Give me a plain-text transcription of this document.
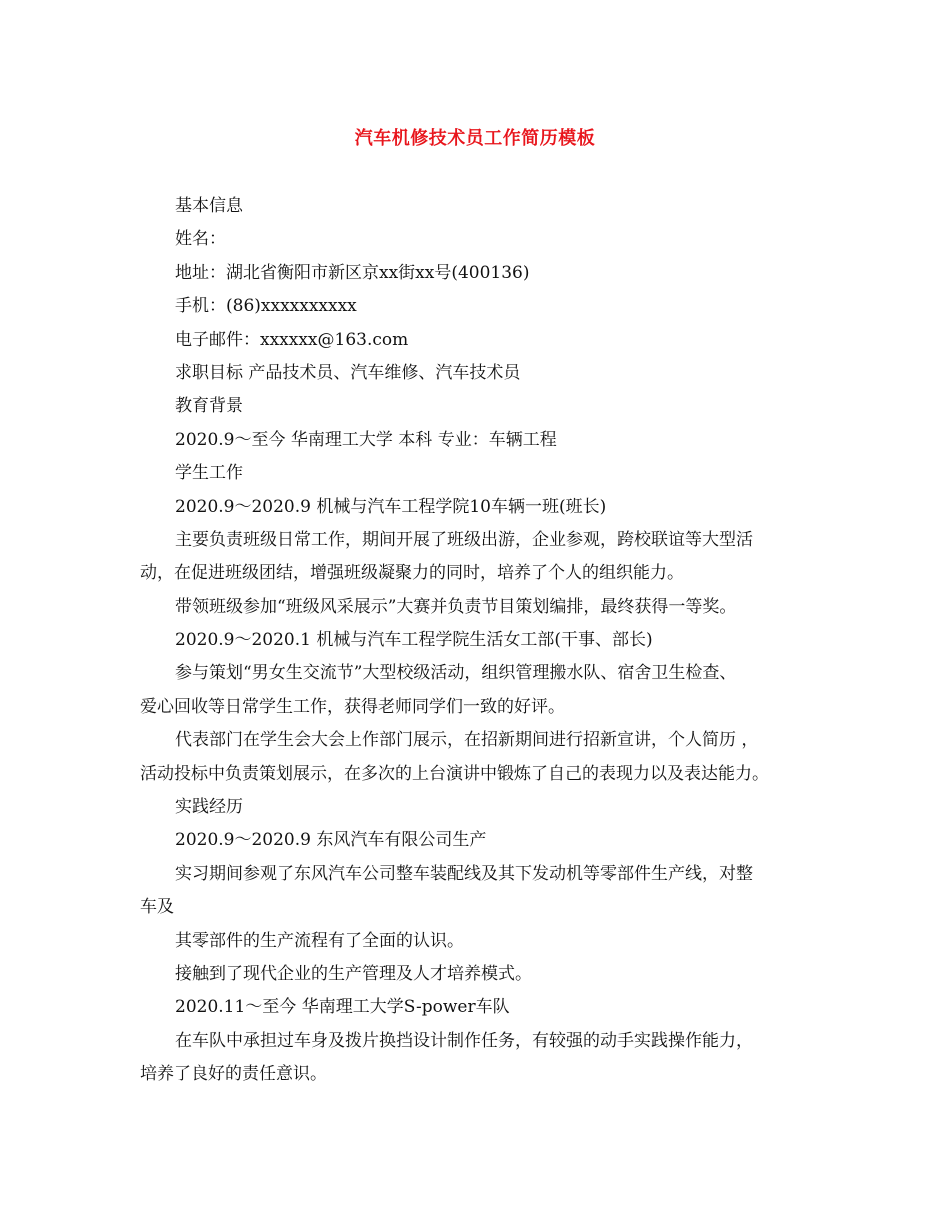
汽车机修技术员工作简历模板
基本信息
姓名：
地址：湖北省衡阳市新区京xx街xx号(400136)
手机：(86)xxxxxxxxxx
电子邮件：xxxxxx@163.com
求职目标 产品技术员、汽车维修、汽车技术员
教育背景
2020.9～至今 华南理工大学 本科 专业：车辆工程
学生工作
2020.9～2020.9 机械与汽车工程学院10车辆一班(班长)
主要负责班级日常工作，期间开展了班级出游，企业参观，跨校联谊等大型活
动，在促进班级团结，增强班级凝聚力的同时，培养了个人的组织能力。
带领班级参加“班级风采展示”大赛并负责节目策划编排，最终获得一等奖。
2020.9～2020.1 机械与汽车工程学院生活女工部(干事、部长)
参与策划“男女生交流节”大型校级活动，组织管理搬水队、宿舍卫生检查、
爱心回收等日常学生工作，获得老师同学们一致的好评。
代表部门在学生会大会上作部门展示，在招新期间进行招新宣讲，个人简历 ，
活动投标中负责策划展示，在多次的上台演讲中锻炼了自己的表现力以及表达能力。
实践经历
2020.9～2020.9 东风汽车有限公司生产
实习期间参观了东风汽车公司整车装配线及其下发动机等零部件生产线，对整
车及
其零部件的生产流程有了全面的认识。
接触到了现代企业的生产管理及人才培养模式。
2020.11～至今 华南理工大学S-power车队
在车队中承担过车身及拨片换挡设计制作任务，有较强的动手实践操作能力，
培养了良好的责任意识。
